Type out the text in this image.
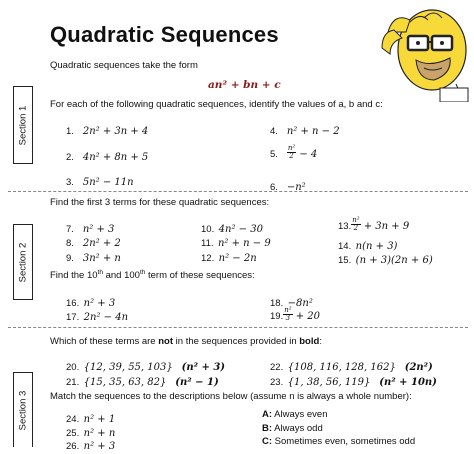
Quadratic Sequences
Quadratic sequences take the form
an² + bn + c
Section 1
For each of the following quadratic sequences, identify the values of a, b and c:
1. 2n² + 3n + 4
2. 4n² + 8n + 5
3. 5n² − 11n
4. n² + n − 2
5. $\frac{\text{n²}}{2} - 4$
6. −n²
Section 2
Find the first 3 terms for these quadratic sequences:
7. n² + 3
8. 2n² + 2
9. 3n² + n
10. 4n² − 30
11. n² + n − 9
12. n² − 2n
13. $\frac{\text{n²}}{2} + 3n + 9$
14. n(n + 3)
15. (n + 3)(2n + 6)
Find the 10th and 100th term of these sequences:
16. n² + 3
17. 2n² − 4n
18. −8n²
19. $\frac{\text{n²}}{3} + 20$
Section 3
Which of these terms are not in the sequences provided in bold:
20. {12, 39, 55, 103} (n² + 3)
21. {15, 35, 63, 82} (n² − 1)
22. {108, 116, 128, 162} (2n²)
23. {1, 38, 56, 119} (n² + 10n)
Match the sequences to the descriptions below (assume n is always a whole number):
24. n² + 1
25. n² + n
26. n² + 3
A: Always even
B: Always odd
C: Sometimes even, sometimes odd
